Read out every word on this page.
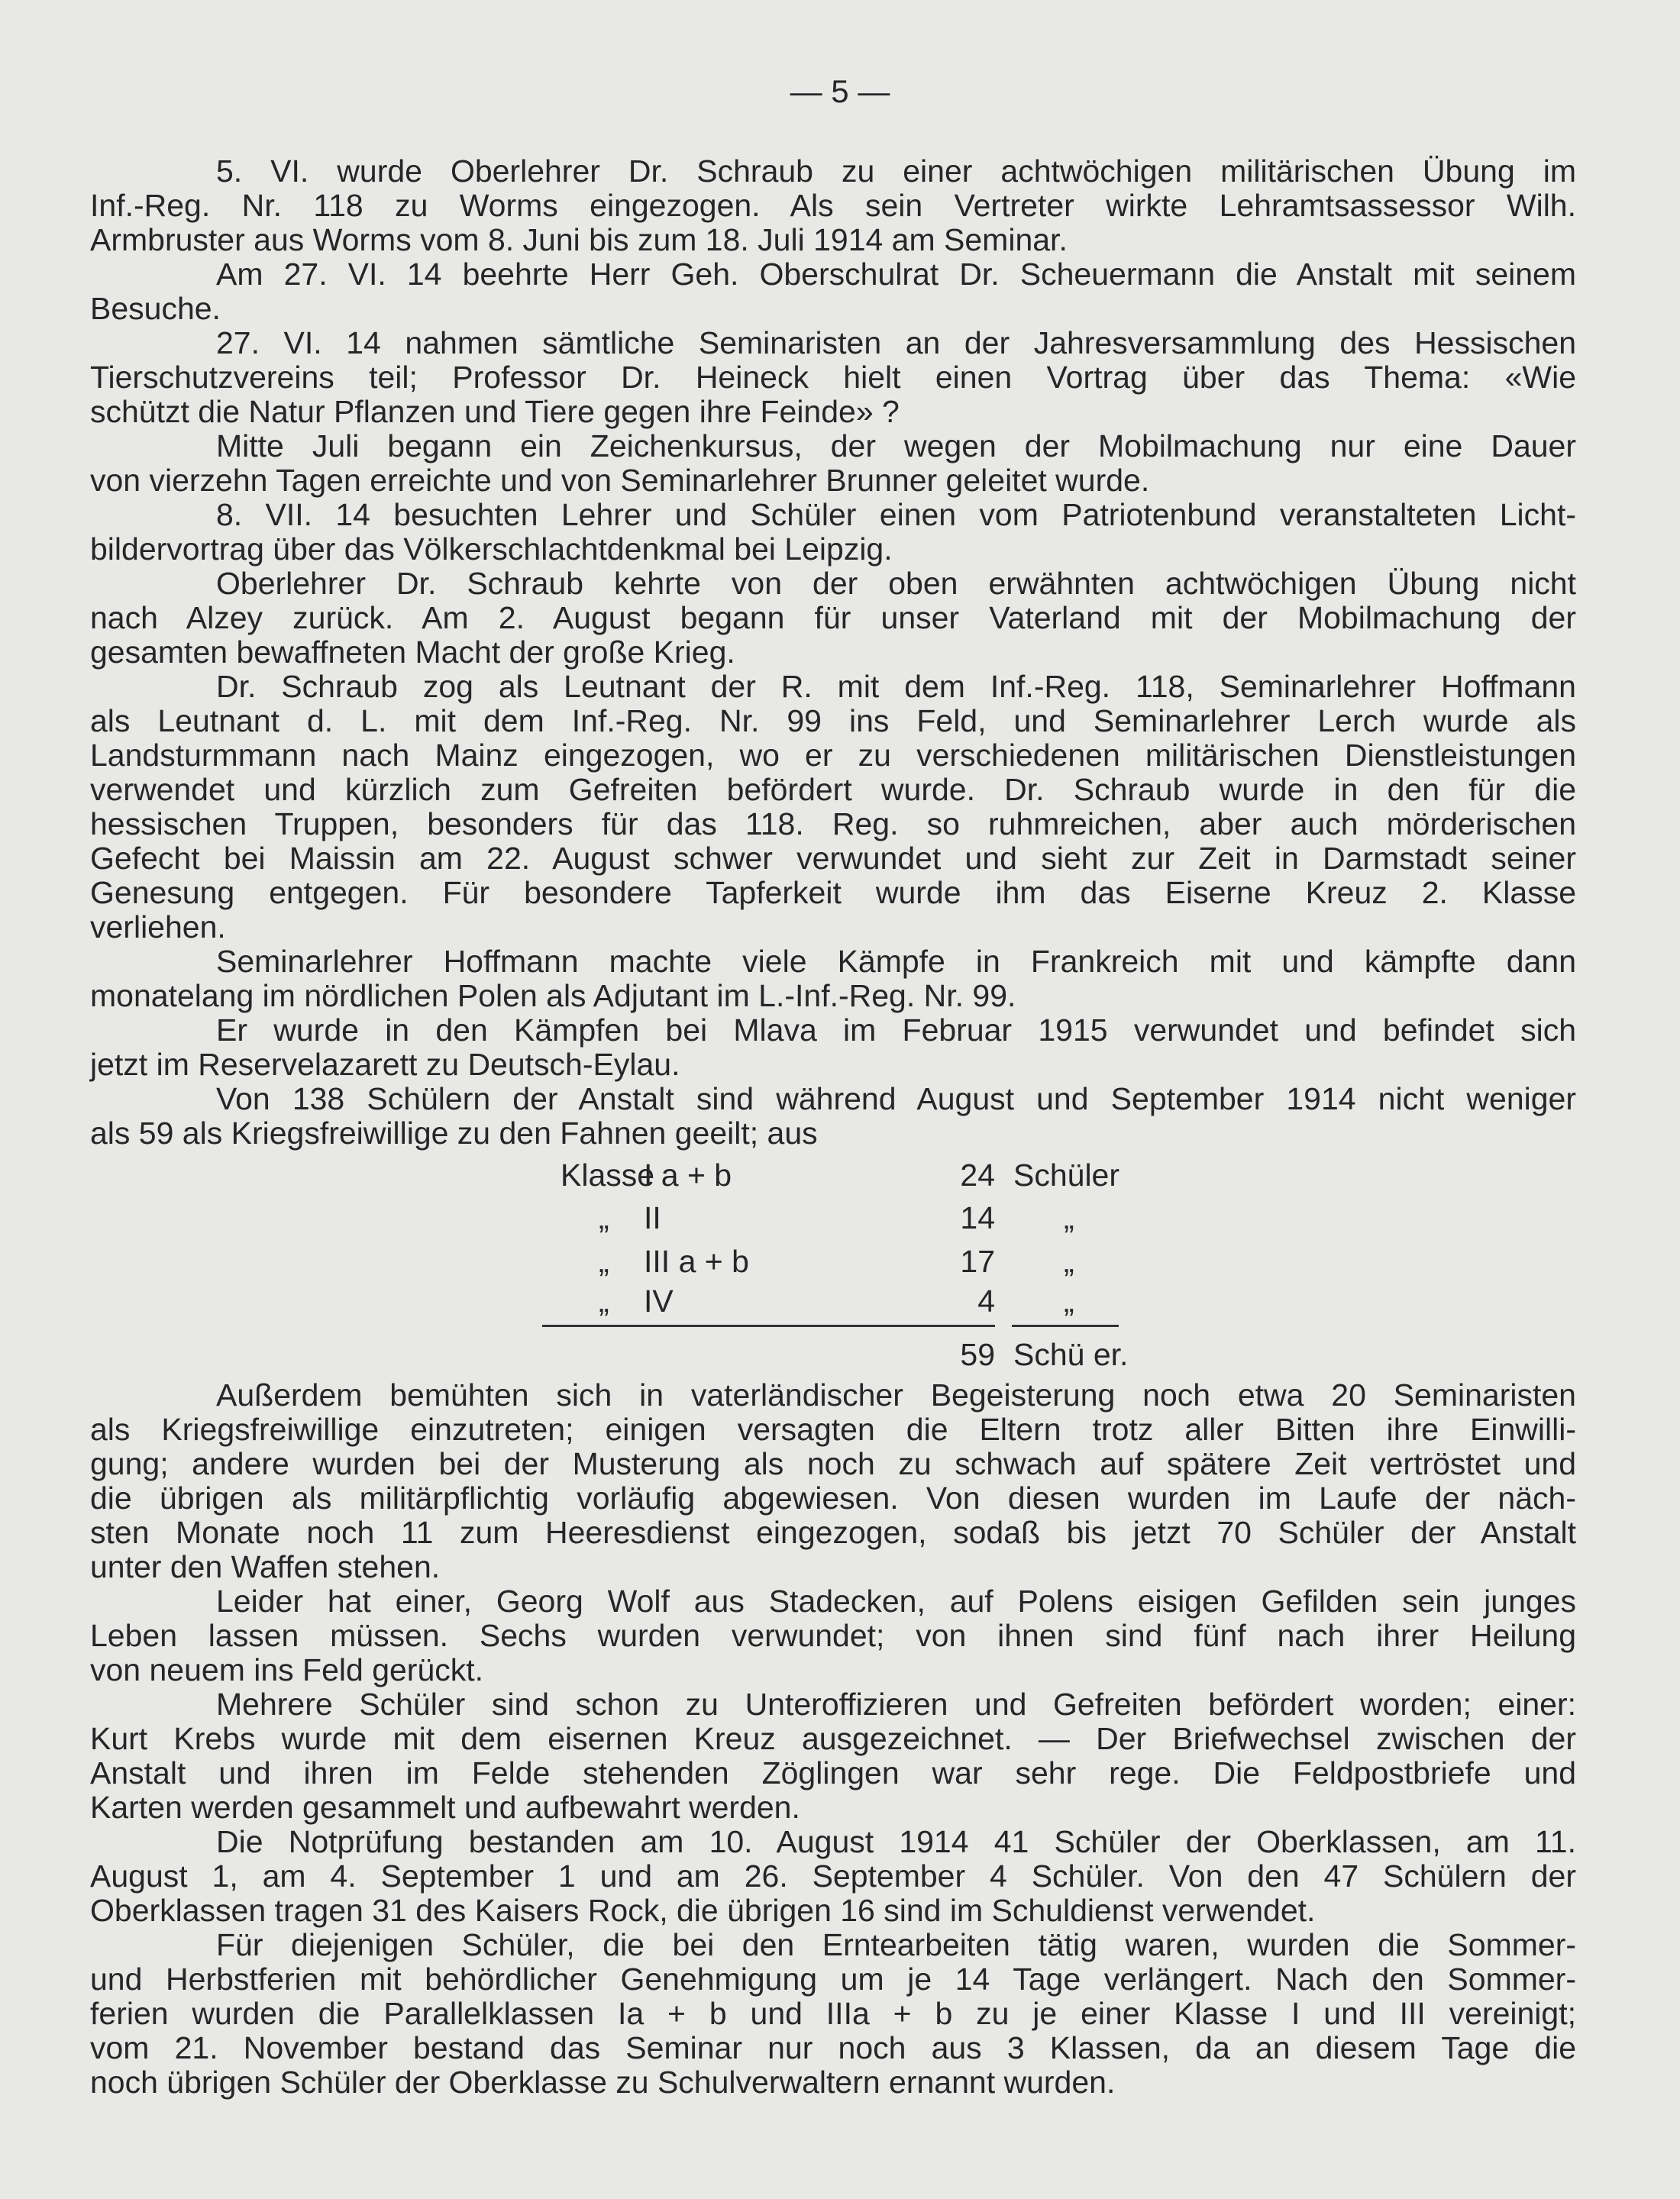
— 5 —
5. VI. wurde Oberlehrer Dr. Schraub zu einer achtwöchigen militärischen Übung im
Inf.-Reg. Nr. 118 zu Worms eingezogen. Als sein Vertreter wirkte Lehramtsassessor Wilh.
Armbruster aus Worms vom 8. Juni bis zum 18. Juli 1914 am Seminar.
Am 27. VI. 14 beehrte Herr Geh. Oberschulrat Dr. Scheuermann die Anstalt mit seinem
Besuche.
27. VI. 14 nahmen sämtliche Seminaristen an der Jahresversammlung des Hessischen
Tierschutzvereins teil; Professor Dr. Heineck hielt einen Vortrag über das Thema: «Wie
schützt die Natur Pflanzen und Tiere gegen ihre Feinde» ?
Mitte Juli begann ein Zeichenkursus, der wegen der Mobilmachung nur eine Dauer
von vierzehn Tagen erreichte und von Seminarlehrer Brunner geleitet wurde.
8. VII. 14 besuchten Lehrer und Schüler einen vom Patriotenbund veranstalteten Licht-
bildervortrag über das Völkerschlachtdenkmal bei Leipzig.
Oberlehrer Dr. Schraub kehrte von der oben erwähnten achtwöchigen Übung nicht
nach Alzey zurück. Am 2. August begann für unser Vaterland mit der Mobilmachung der
gesamten bewaffneten Macht der große Krieg.
Dr. Schraub zog als Leutnant der R. mit dem Inf.-Reg. 118, Seminarlehrer Hoffmann
als Leutnant d. L. mit dem Inf.-Reg. Nr. 99 ins Feld, und Seminarlehrer Lerch wurde als
Landsturmmann nach Mainz eingezogen, wo er zu verschiedenen militärischen Dienstleistungen
verwendet und kürzlich zum Gefreiten befördert wurde. Dr. Schraub wurde in den für die
hessischen Truppen, besonders für das 118. Reg. so ruhmreichen, aber auch mörderischen
Gefecht bei Maissin am 22. August schwer verwundet und sieht zur Zeit in Darmstadt seiner
Genesung entgegen. Für besondere Tapferkeit wurde ihm das Eiserne Kreuz 2. Klasse
verliehen.
Seminarlehrer Hoffmann machte viele Kämpfe in Frankreich mit und kämpfte dann
monatelang im nördlichen Polen als Adjutant im L.-Inf.-Reg. Nr. 99.
Er wurde in den Kämpfen bei Mlava im Februar 1915 verwundet und befindet sich
jetzt im Reservelazarett zu Deutsch-Eylau.
Von 138 Schülern der Anstalt sind während August und September 1914 nicht weniger
als 59 als Kriegsfreiwillige zu den Fahnen geeilt; aus
Klasse
I a + b	24 Schüler
„ II	14 „
„ III a + b	17 „
„ IV	4 „
59 Schü er.
Außerdem bemühten sich in vaterländischer Begeisterung noch etwa 20 Seminaristen
als Kriegsfreiwillige einzutreten; einigen versagten die Eltern trotz aller Bitten ihre Einwilli-
gung; andere wurden bei der Musterung als noch zu schwach auf spätere Zeit vertröstet und
die übrigen als militärpflichtig vorläufig abgewiesen. Von diesen wurden im Laufe der näch-
sten Monate noch 11 zum Heeresdienst eingezogen, sodaß bis jetzt 70 Schüler der Anstalt
unter den Waffen stehen.
Leider hat einer, Georg Wolf aus Stadecken, auf Polens eisigen Gefilden sein junges
Leben lassen müssen. Sechs wurden verwundet; von ihnen sind fünf nach ihrer Heilung
von neuem ins Feld gerückt.
Mehrere Schüler sind schon zu Unteroffizieren und Gefreiten befördert worden; einer:
Kurt Krebs wurde mit dem eisernen Kreuz ausgezeichnet. — Der Briefwechsel zwischen der
Anstalt und ihren im Felde stehenden Zöglingen war sehr rege. Die Feldpostbriefe und
Karten werden gesammelt und aufbewahrt werden.
Die Notprüfung bestanden am 10. August 1914 41 Schüler der Oberklassen, am 11.
August 1, am 4. September 1 und am 26. September 4 Schüler. Von den 47 Schülern der
Oberklassen tragen 31 des Kaisers Rock, die übrigen 16 sind im Schuldienst verwendet.
Für diejenigen Schüler, die bei den Erntearbeiten tätig waren, wurden die Sommer-
und Herbstferien mit behördlicher Genehmigung um je 14 Tage verlängert. Nach den Sommer-
ferien wurden die Parallelklassen Ia + b und IIIa + b zu je einer Klasse I und III vereinigt;
vom 21. November bestand das Seminar nur noch aus 3 Klassen, da an diesem Tage die
noch übrigen Schüler der Oberklasse zu Schulverwaltern ernannt wurden.
